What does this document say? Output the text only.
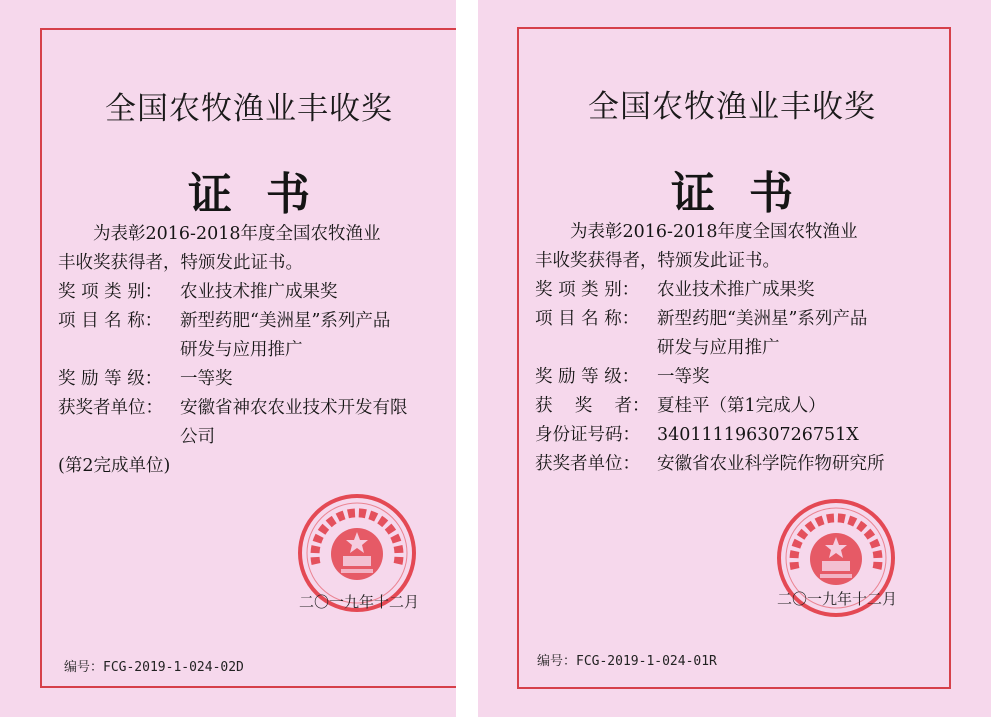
全国农牧渔业丰收奖
证书
为表彰2016-2018年度全国农牧渔业
丰收奖获得者，特颁发此证书。
奖 项 类 别：	农业技术推广成果奖
项 目 名 称：	新型药肥“美洲星”系列产品
研发与应用推广
奖 励 等 级：	一等奖
获奖者单位： 安徽省神农农业技术开发有限
公司
(第2完成单位)
二〇一九年十二月
编号：FCG-2019-1-024-02D
全国农牧渔业丰收奖
证书
为表彰2016-2018年度全国农牧渔业
丰收奖获得者，特颁发此证书。
奖 项 类 别：	农业技术推广成果奖
项 目 名 称：	新型药肥“美洲星”系列产品
研发与应用推广
奖 励 等 级：	一等奖
获    奖    者： 夏桂平（第1完成人）
身份证号码： 34011119630726751X
获奖者单位： 安徽省农业科学院作物研究所
二〇一九年十二月
编号：FCG-2019-1-024-01R
